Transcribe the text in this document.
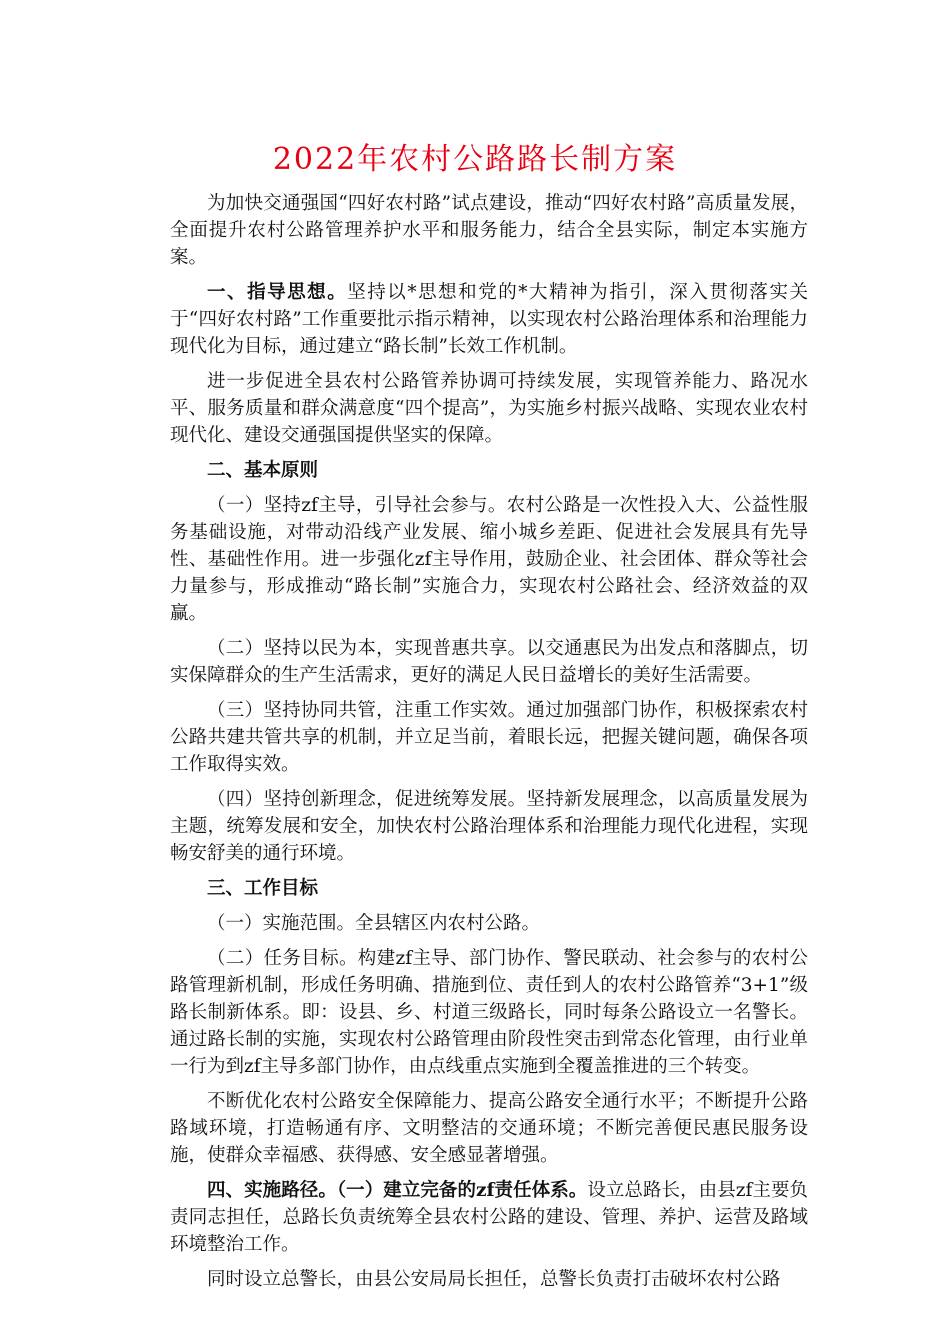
2022年农村公路路长制方案

为加快交通强国“四好农村路”试点建设，推动“四好农村路”高质量发展，全面提升农村公路管理养护水平和服务能力，结合全县实际，制定本实施方案。

一、指导思想。坚持以*思想和党的*大精神为指引，深入贯彻落实关于“四好农村路”工作重要批示指示精神，以实现农村公路治理体系和治理能力现代化为目标，通过建立“路长制”长效工作机制。

进一步促进全县农村公路管养协调可持续发展，实现管养能力、路况水平、服务质量和群众满意度“四个提高”，为实施乡村振兴战略、实现农业农村现代化、建设交通强国提供坚实的保障。

二、基本原则

（一）坚持zf主导，引导社会参与。农村公路是一次性投入大、公益性服务基础设施，对带动沿线产业发展、缩小城乡差距、促进社会发展具有先导性、基础性作用。进一步强化zf主导作用，鼓励企业、社会团体、群众等社会力量参与，形成推动“路长制”实施合力，实现农村公路社会、经济效益的双赢。

（二）坚持以民为本，实现普惠共享。以交通惠民为出发点和落脚点，切实保障群众的生产生活需求，更好的满足人民日益增长的美好生活需要。

（三）坚持协同共管，注重工作实效。通过加强部门协作，积极探索农村公路共建共管共享的机制，并立足当前，着眼长远，把握关键问题，确保各项工作取得实效。

（四）坚持创新理念，促进统筹发展。坚持新发展理念，以高质量发展为主题，统筹发展和安全，加快农村公路治理体系和治理能力现代化进程，实现畅安舒美的通行环境。

三、工作目标

（一）实施范围。全县辖区内农村公路。

（二）任务目标。构建zf主导、部门协作、警民联动、社会参与的农村公路管理新机制，形成任务明确、措施到位、责任到人的农村公路管养“3+1”级路长制新体系。即：设县、乡、村道三级路长，同时每条公路设立一名警长。通过路长制的实施，实现农村公路管理由阶段性突击到常态化管理，由行业单一行为到zf主导多部门协作，由点线重点实施到全覆盖推进的三个转变。

不断优化农村公路安全保障能力、提高公路安全通行水平；不断提升公路路域环境，打造畅通有序、文明整洁的交通环境；不断完善便民惠民服务设施，使群众幸福感、获得感、安全感显著增强。

四、实施路径。（一）建立完备的zf责任体系。设立总路长，由县zf主要负责同志担任，总路长负责统筹全县农村公路的建设、管理、养护、运营及路域环境整治工作。

同时设立总警长，由县公安局局长担任，总警长负责打击破坏农村公路
